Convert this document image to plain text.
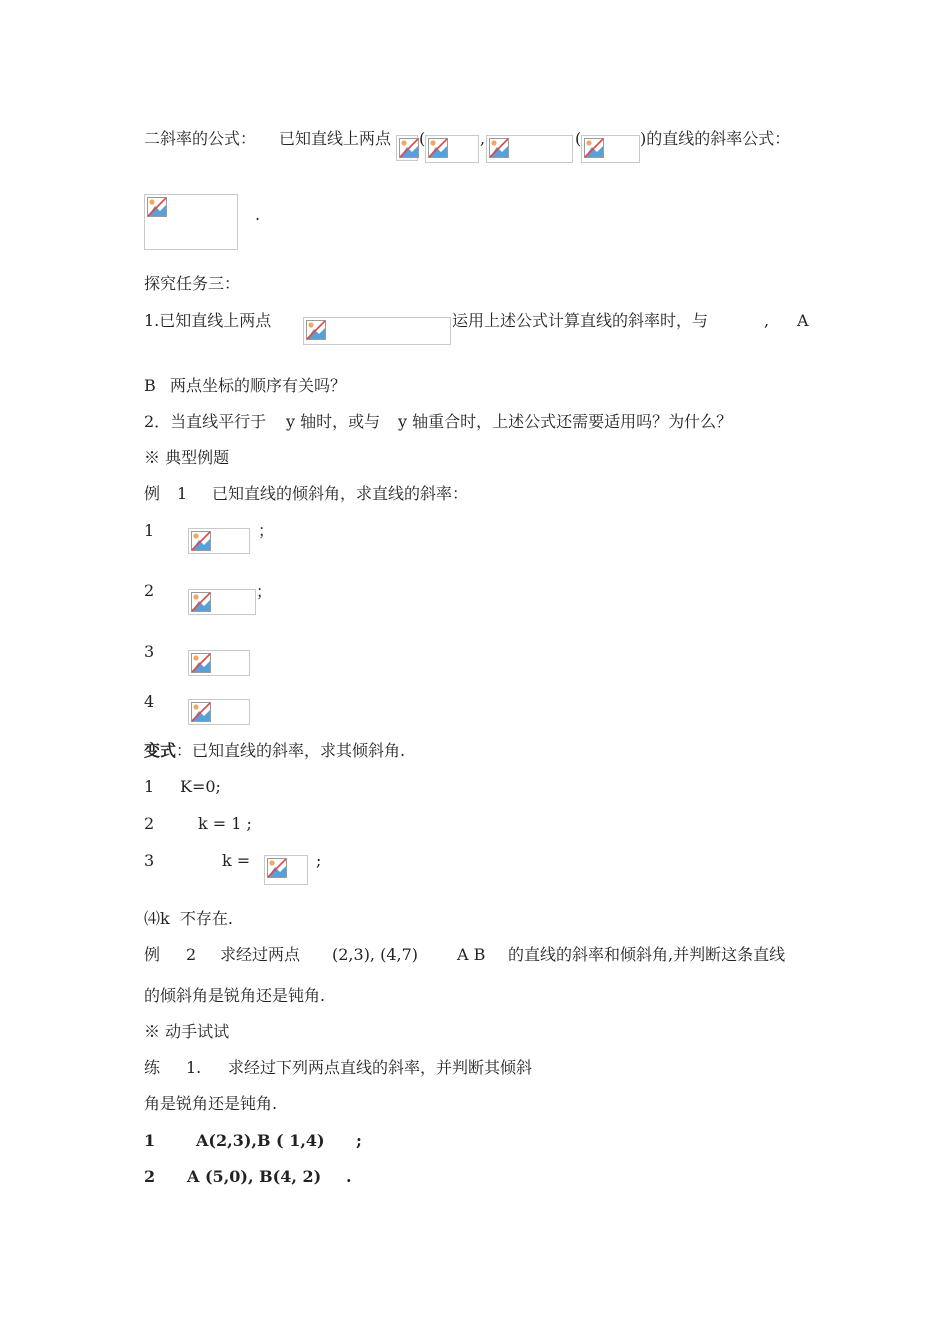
二斜率的公式： 已知直线上两点 (	,	(	)的直线的斜率公式：
.
探究任务三：
1.已知直线上两点	运用上述公式计算直线的斜率时，与	, A
B 两点坐标的顺序有关吗？
2．当直线平行于 y 轴时，或与 y 轴重合时，上述公式还需要适用吗？为什么？
※ 典型例题
例 1 已知直线的倾斜角，求直线的斜率：
1	；
2	；
3
4
变式：已知直线的斜率，求其倾斜角.
1 K=0;
2	k = 1 ;
3	k =	;
⑷k  不存在.
例 2 求经过两点 (2,3), (4,7) A B 的直线的斜率和倾斜角,并判断这条直线
的倾斜角是锐角还是钝角.
※ 动手试试
练 1. 求经过下列两点直线的斜率，并判断其倾斜
角是锐角还是钝角.
1	A(2,3),B ( 1,4) ;
2 A (5,0), B(4, 2) .
